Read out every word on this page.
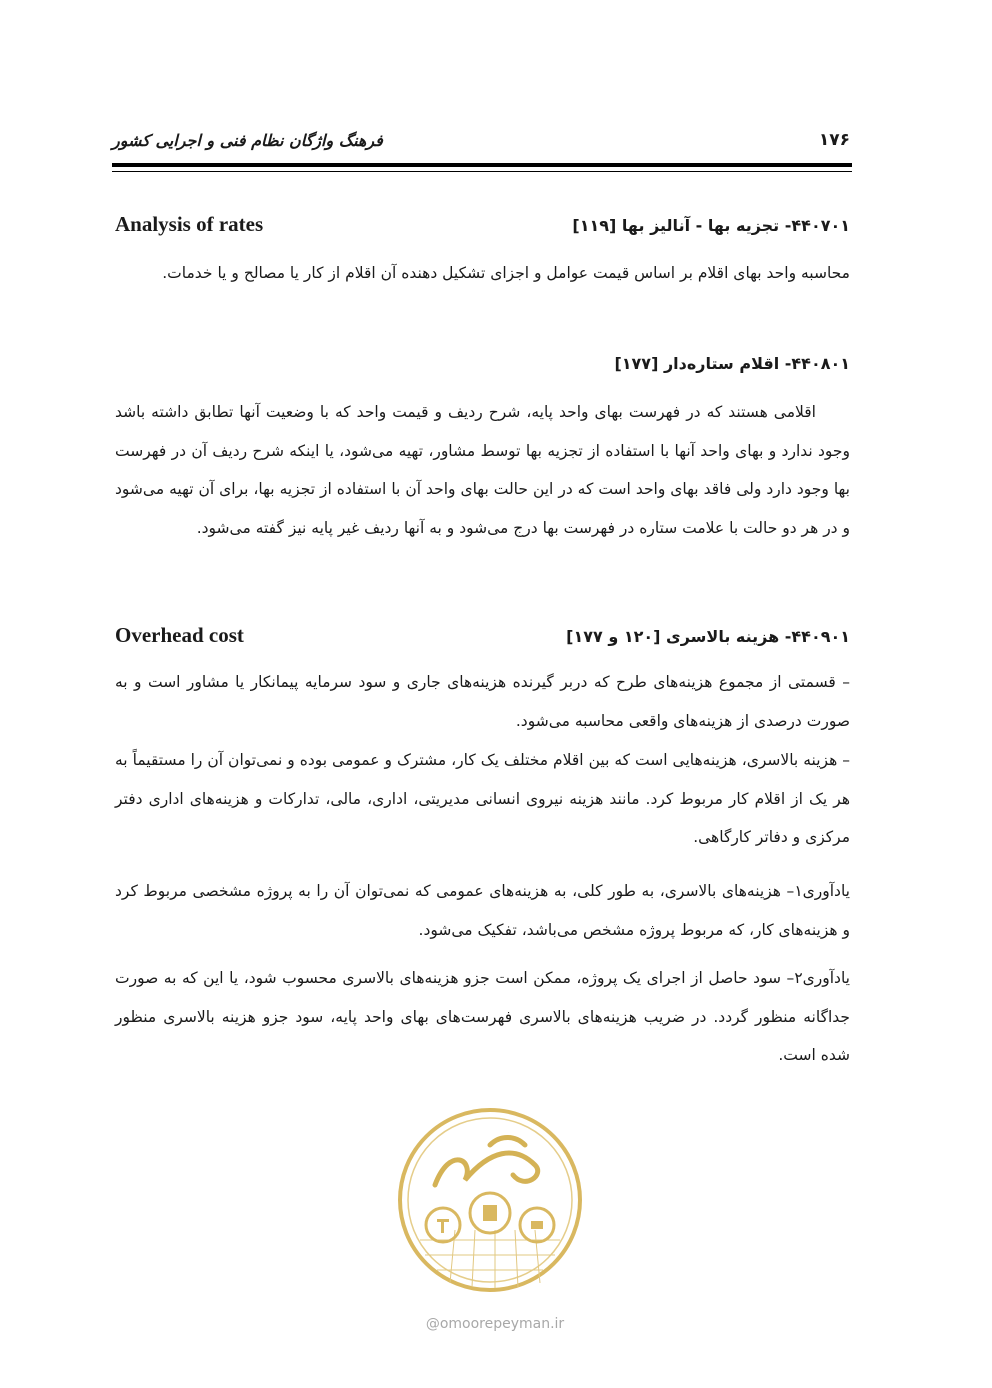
۱۷۶
فرهنگ واژگان نظام فنی و اجرایی کشور
۴۴۰۷۰۱- تجزیه بها - آنالیز بها [۱۱۹]
Analysis of rates

محاسبه واحد بهای اقلام بر اساس قیمت عوامل و اجزای تشکیل دهنده آن اقلام از کار یا مصالح و یا خدمات.

۴۴۰۸۰۱- اقلام ستاره‌دار [۱۷۷]

اقلامی هستند که در فهرست بهای واحد پایه، شرح ردیف و قیمت واحد که با وضعیت آنها تطابق داشته باشد وجود ندارد و بهای واحد آنها با استفاده از تجزیه بها توسط مشاور، تهیه می‌شود، یا اینکه شرح ردیف آن در فهرست بها وجود دارد ولی فاقد بهای واحد است که در این حالت بهای واحد آن با استفاده از تجزیه بها، برای آن تهیه می‌شود و در هر دو حالت با علامت ستاره در فهرست بها درج می‌شود و به آنها ردیف غیر پایه نیز گفته می‌شود.

۴۴۰۹۰۱- هزینه بالاسری [۱۲۰ و ۱۷۷]
Overhead cost

– قسمتی از مجموع هزینه‌های طرح که دربر گیرنده هزینه‌های جاری و سود سرمایه پیمانکار یا مشاور است و به صورت درصدی از هزینه‌های واقعی محاسبه می‌شود.

– هزینه بالاسری، هزینه‌هایی است که بین اقلام مختلف یک کار، مشترک و عمومی بوده و نمی‌توان آن را مستقیماً به هر یک از اقلام کار مربوط کرد. مانند هزینه نیروی انسانی مدیریتی، اداری، مالی، تدارکات و هزینه‌های اداری دفتر مرکزی و دفاتر کارگاهی.

یادآوری۱– هزینه‌های بالاسری، به طور کلی، به هزینه‌های عمومی که نمی‌توان آن را به پروژه مشخصی مربوط کرد و هزینه‌های کار، که مربوط پروژه مشخص می‌باشد، تفکیک می‌شود.

یادآوری۲– سود حاصل از اجرای یک پروژه، ممکن است جزو هزینه‌های بالاسری محسوب شود، یا این که به صورت جداگانه منظور گردد. در ضریب هزینه‌های بالاسری فهرست‌های بهای واحد پایه، سود جزو هزینه بالاسری منظور شده است.

@omoorepeyman.ir
